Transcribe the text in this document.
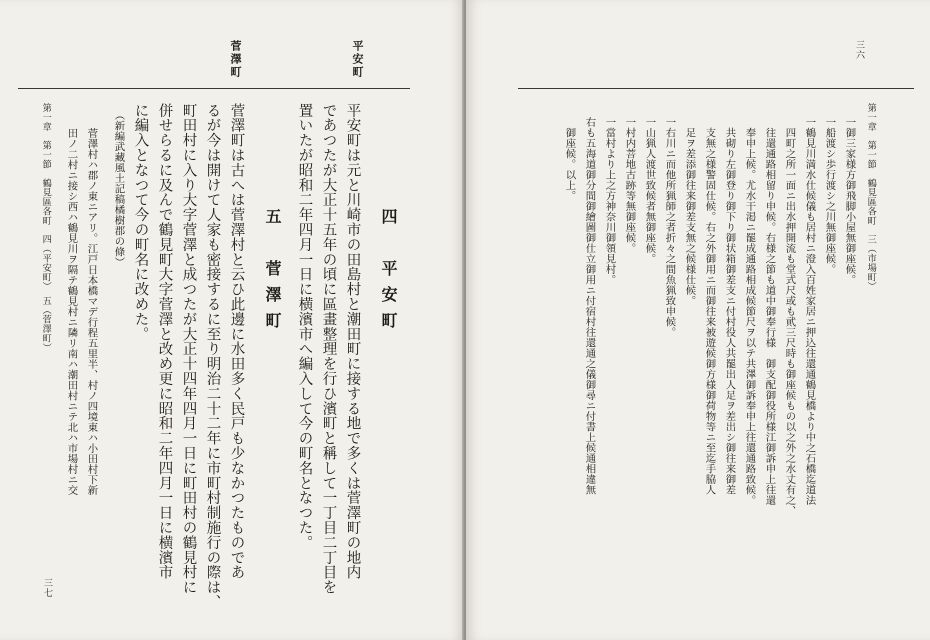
平安町
菅澤町
四　平安町
平安町は元と川崎市の田島村と潮田町に接する地で多くは菅澤町の地内
であつたが大正十五年の頃に區畫整理を行ひ濱町と稱して一丁目二丁目を
置いたが昭和二年四月一日に横濱市へ編入して今の町名となつた。
五　菅澤町
菅澤町は古へは菅澤村と云ひ此邊に水田多く民戸も少なかつたものであ
るが今は開けて人家も密接するに至り明治二十二年に市町村制施行の際は、
町田村に入り大字菅澤と成つたが大正十四年四月一日に町田村の鶴見村に
併せらるに及んで鶴見町大字菅澤と改め更に昭和二年四月一日に横濱市
に編入となつて今の町名に改めた。
（新編武藏風土記稿橘樹郡の條）
菅澤村ハ郡ノ東ニアリ。江戸日本橋マデ行程五里半、村ノ四境東ハ小田村下新
田ノ二村ニ接シ西ハ鶴見川ヲ隔テ鶴見村ニ隣リ南ハ潮田村ニテ北ハ市場村ニ交
第一章　第一節　鶴見區各町　四（平安町）　五（菅澤町）
三七
第一章　第一節　鶴見區各町　三（市場町）
一御三家様方御飛脚小屋無御座候。
一船渡シ歩行渡シ之川無御座候。
一鶴見川満水仕候儀も居村ニ澄入百姓家居ニ押込往還通鶴見橋より中之石橋迄道法
　四町之所一面ニ出水押開流も堂式尺或も貮三尺時も御座候もの以之外之水丈有之、
　往還通路相留り申候。右様之節も道中御奉行様　御支配御役所様江御訴申上往還
　奉申上候。尤水干渇ニ罷成通路相成候節尺ヲ以テ共澤御訴奉申上往還通路致候。
　共砌り左御登り御下り御状箱御差支ニ付村役人共罷出人足ヲ差出シ御往来御差
　支無之様警固仕候。右之外御用ニ而御往来被遊候御方様御荷物等ニ至迄手脇人
　足ヲ差添御往来御差支無之候様仕候。
一右川ニ而他所猟師之者折々之間魚猟致申候。
一山猟人渡世致候者無御座候。
一村内菩地古跡等無御座候。
一當村より上之方神奈川御領見村。
右も五海道御分間御繪圖御仕立御用ニ付宿村往還通之儀御尋ニ付書上候通相違無
　御座候。以上。
三六
